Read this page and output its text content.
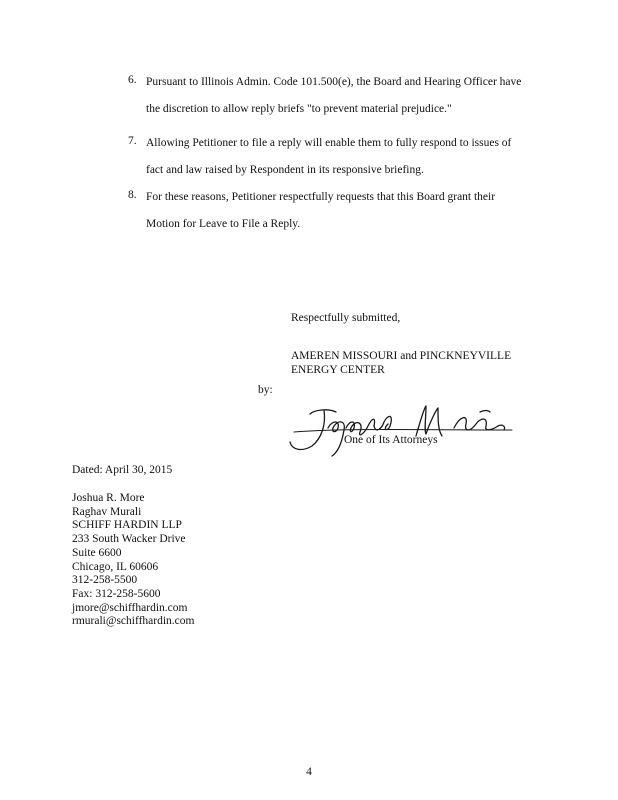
6. Pursuant to Illinois Admin. Code 101.500(e), the Board and Hearing Officer have
the discretion to allow reply briefs "to prevent material prejudice."
7. Allowing Petitioner to file a reply will enable them to fully respond to issues of
fact and law raised by Respondent in its responsive briefing.
8. For these reasons, Petitioner respectfully requests that this Board grant their
Motion for Leave to File a Reply.
Respectfully submitted,
AMEREN MISSOURI and PINCKNEYVILLE
ENERGY CENTER
by:
One of Its Attorneys
Dated: April 30, 2015
Joshua R. More
Raghav Murali
SCHIFF HARDIN LLP
233 South Wacker Drive
Suite 6600
Chicago, IL 60606
312-258-5500
Fax: 312-258-5600
jmore@schiffhardin.com
rmurali@schiffhardin.com
4
